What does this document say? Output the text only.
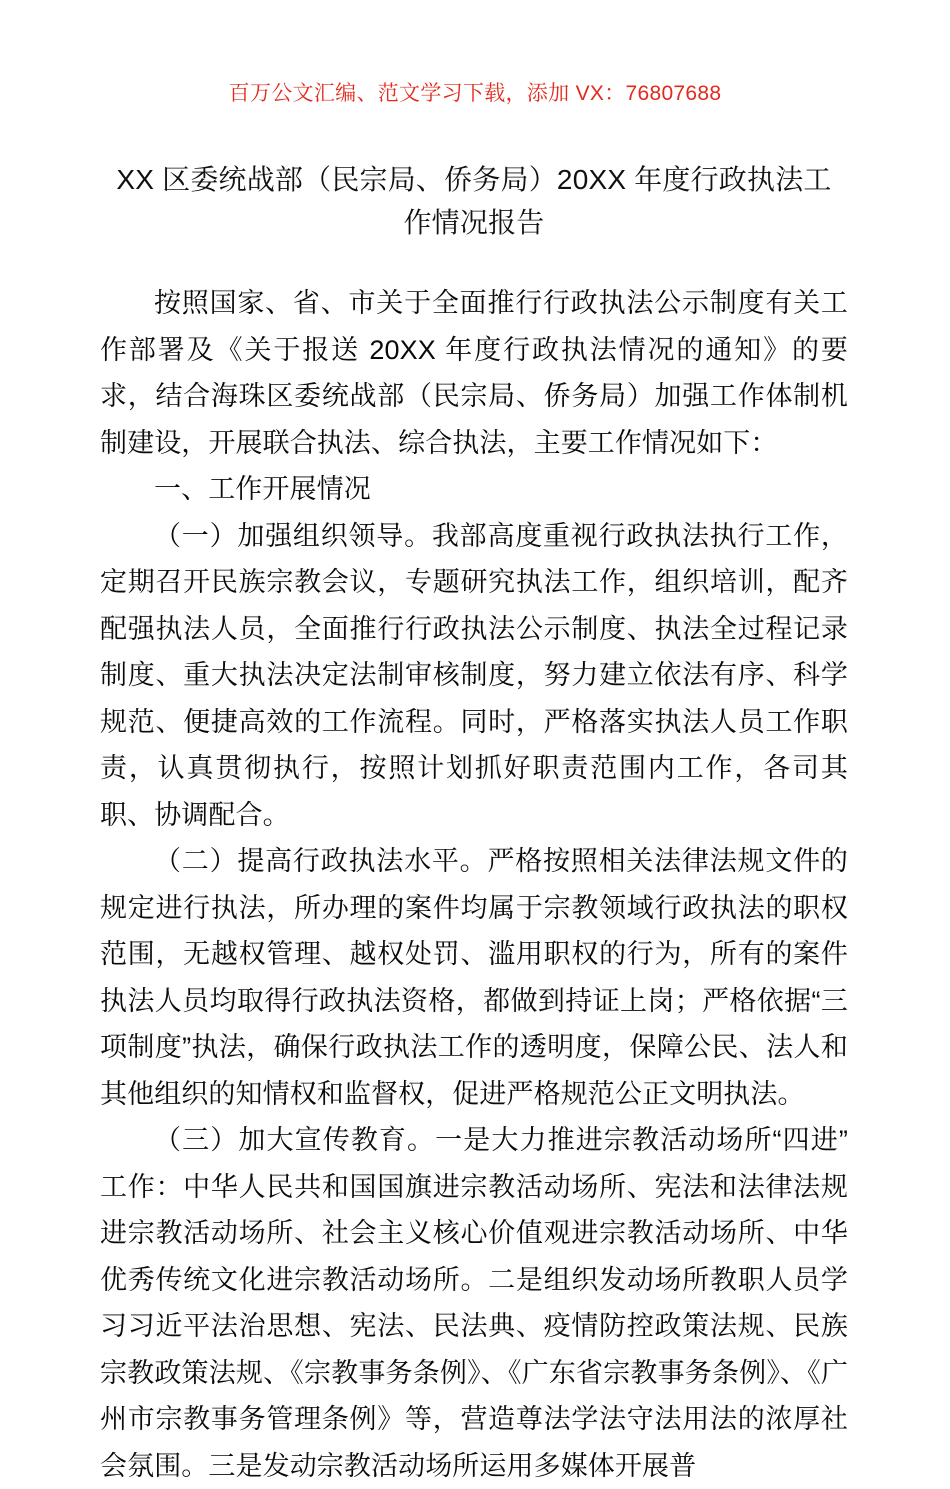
百万公文汇编、范文学习下载，添加 VX：76807688
XX 区委统战部（民宗局、侨务局）20XX 年度行政执法工作情况报告

按照国家、省、市关于全面推行行政执法公示制度有关工作部署及《关于报送 20XX 年度行政执法情况的通知》的要求，结合海珠区委统战部（民宗局、侨务局）加强工作体制机制建设，开展联合执法、综合执法，主要工作情况如下：

一、工作开展情况

（一）加强组织领导。我部高度重视行政执法执行工作，定期召开民族宗教会议，专题研究执法工作，组织培训，配齐配强执法人员，全面推行行政执法公示制度、执法全过程记录制度、重大执法决定法制审核制度，努力建立依法有序、科学规范、便捷高效的工作流程。同时，严格落实执法人员工作职责，认真贯彻执行，按照计划抓好职责范围内工作，各司其职、协调配合。

（二）提高行政执法水平。严格按照相关法律法规文件的规定进行执法，所办理的案件均属于宗教领域行政执法的职权范围，无越权管理、越权处罚、滥用职权的行为，所有的案件执法人员均取得行政执法资格，都做到持证上岗；严格依据“三项制度”执法，确保行政执法工作的透明度，保障公民、法人和其他组织的知情权和监督权，促进严格规范公正文明执法。

（三）加大宣传教育。一是大力推进宗教活动场所“四进”工作：中华人民共和国国旗进宗教活动场所、宪法和法律法规进宗教活动场所、社会主义核心价值观进宗教活动场所、中华优秀传统文化进宗教活动场所。二是组织发动场所教职人员学习习近平法治思想、宪法、民法典、疫情防控政策法规、民族宗教政策法规、《宗教事务条例》、《广东省宗教事务条例》、《广州市宗教事务管理条例》等，营造尊法学法守法用法的浓厚社会氛围。三是发动宗教活动场所运用多媒体开展普
